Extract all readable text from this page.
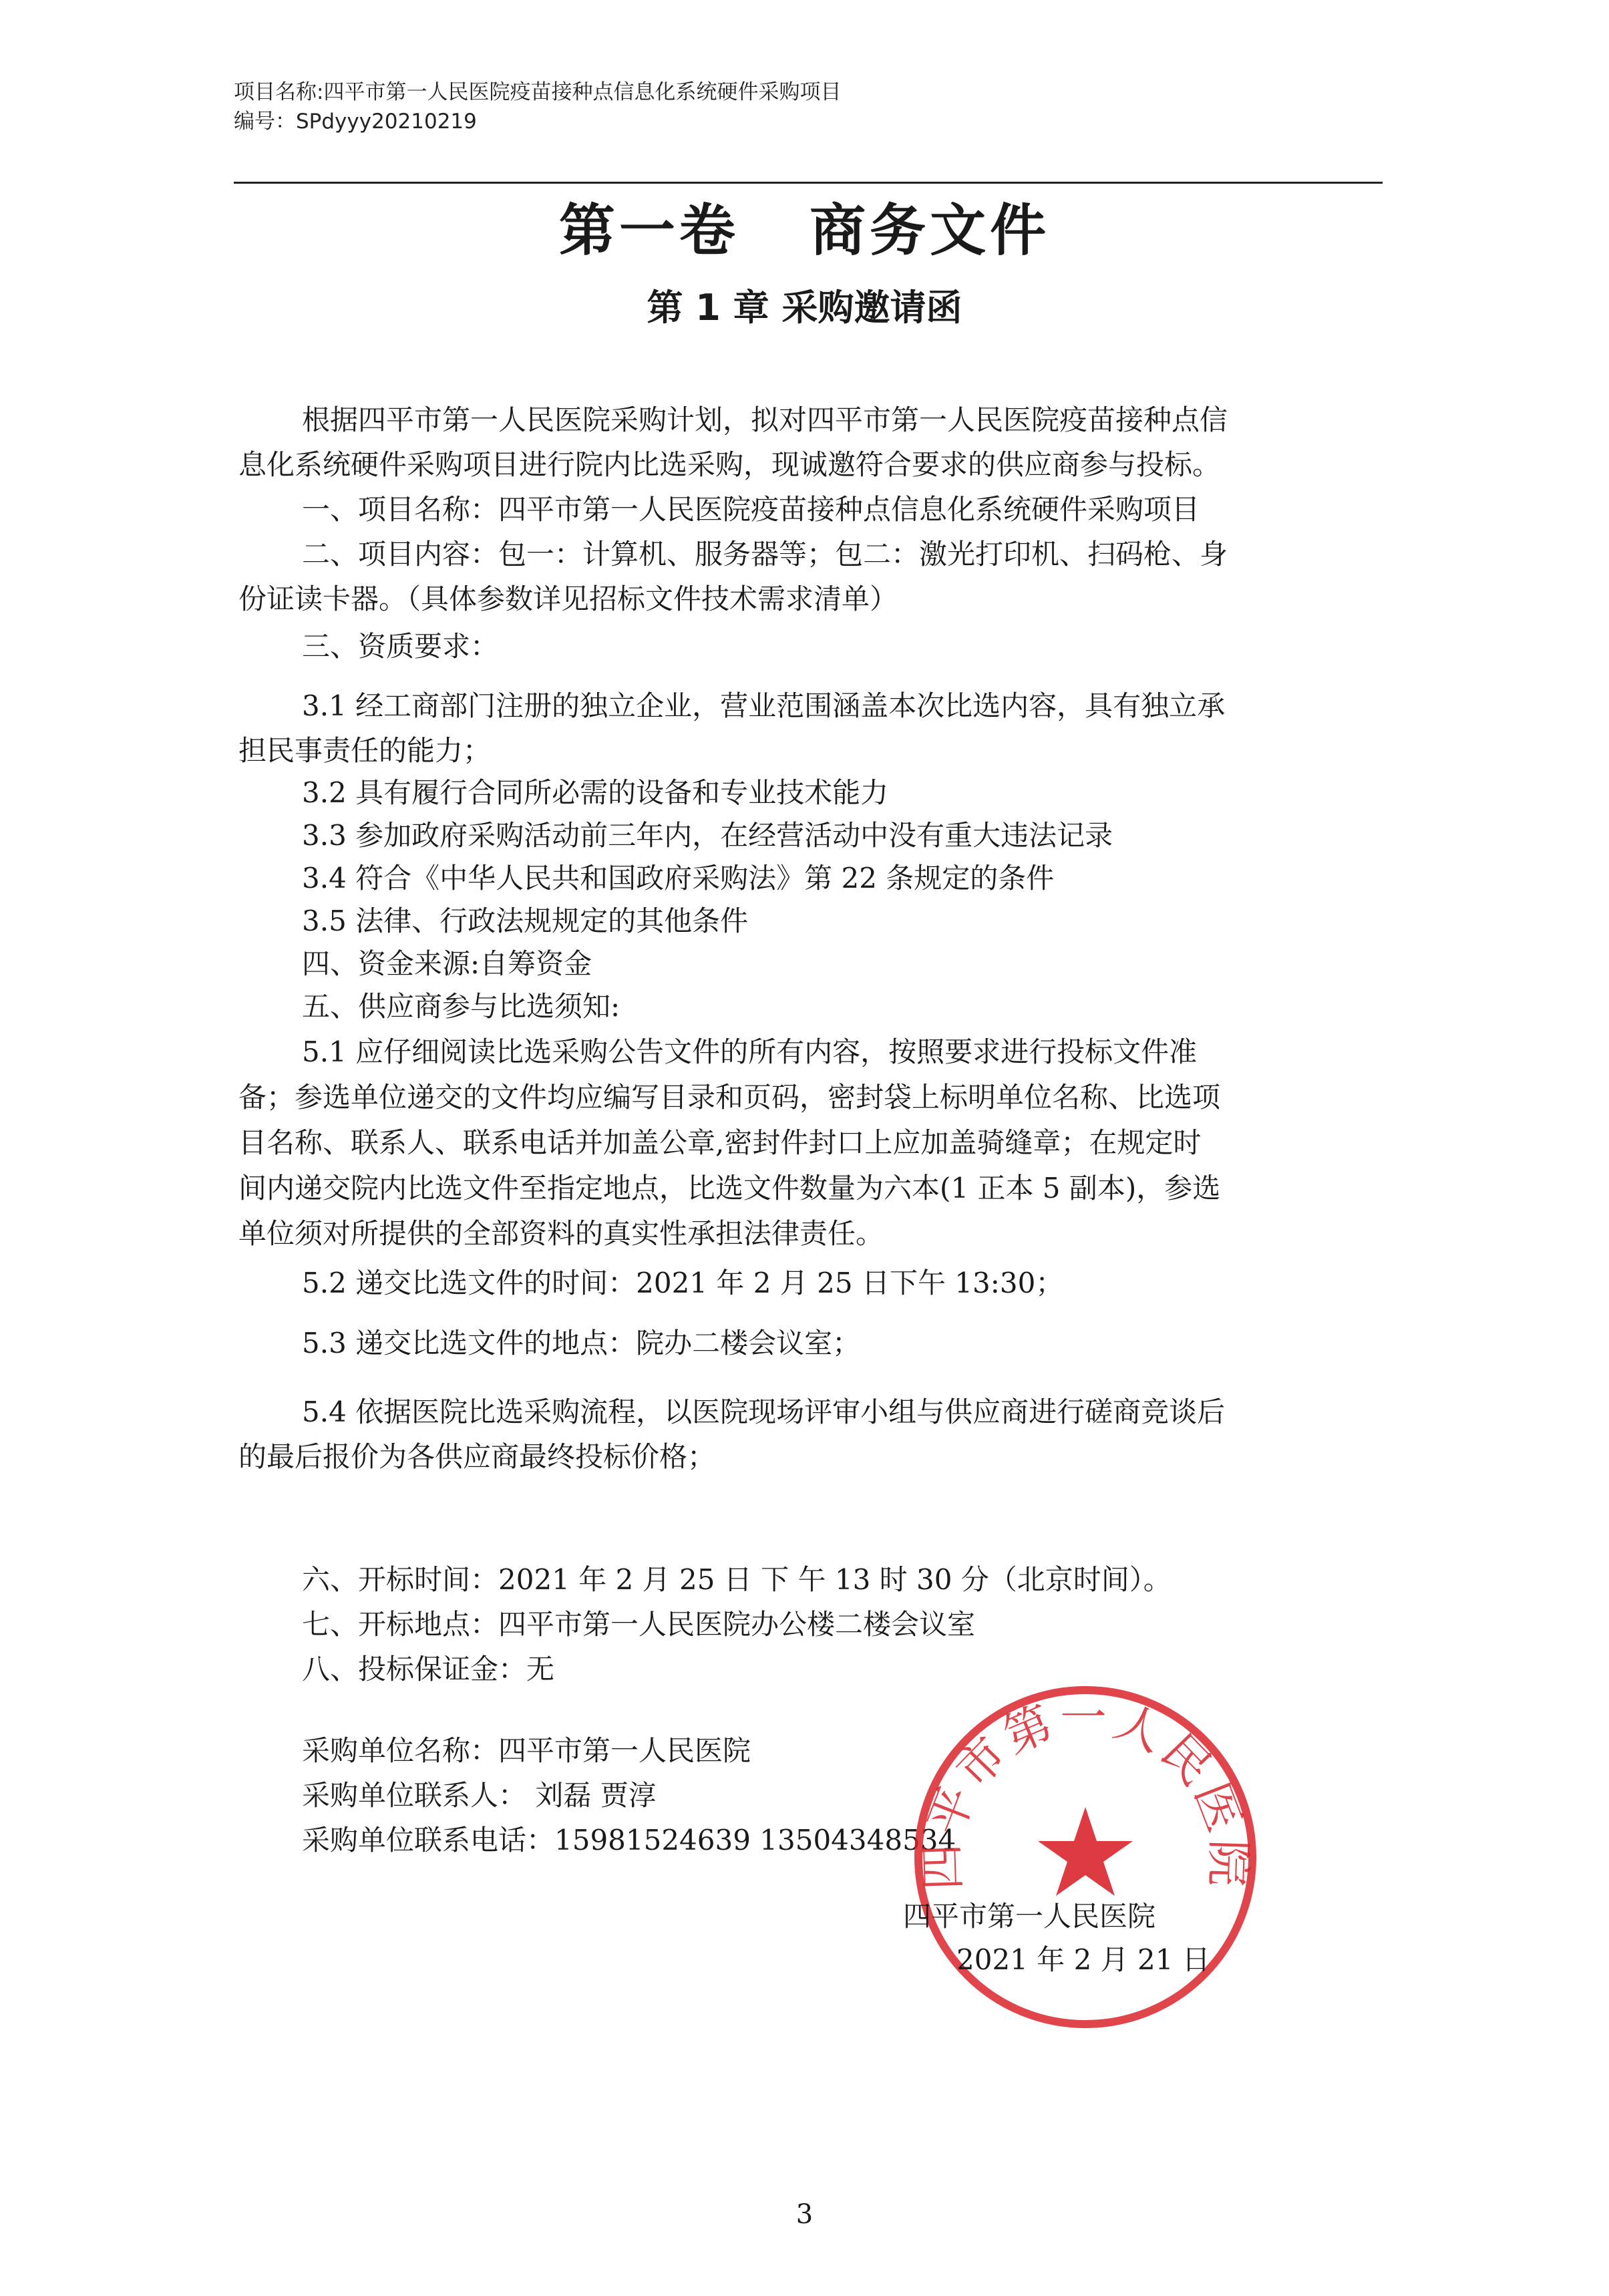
项目名称:四平市第一人民医院疫苗接种点信息化系统硬件采购项目
编号：SPdyyy20210219
第一卷 商务文件
第 1 章 采购邀请函
根据四平市第一人民医院采购计划，拟对四平市第一人民医院疫苗接种点信
息化系统硬件采购项目进行院内比选采购，现诚邀符合要求的供应商参与投标。
一、项目名称：四平市第一人民医院疫苗接种点信息化系统硬件采购项目
二、项目内容：包一：计算机、服务器等；包二：激光打印机、扫码枪、身
份证读卡器。（具体参数详见招标文件技术需求清单）
三、资质要求：
3.1 经工商部门注册的独立企业，营业范围涵盖本次比选内容，具有独立承
担民事责任的能力；
3.2 具有履行合同所必需的设备和专业技术能力
3.3 参加政府采购活动前三年内，在经营活动中没有重大违法记录
3.4 符合《中华人民共和国政府采购法》第 22 条规定的条件
3.5 法律、行政法规规定的其他条件
四、资金来源:自筹资金
五、供应商参与比选须知:
5.1 应仔细阅读比选采购公告文件的所有内容，按照要求进行投标文件准
备；参选单位递交的文件均应编写目录和页码，密封袋上标明单位名称、比选项
目名称、联系人、联系电话并加盖公章,密封件封口上应加盖骑缝章；在规定时
间内递交院内比选文件至指定地点，比选文件数量为六本(1 正本 5 副本)，参选
单位须对所提供的全部资料的真实性承担法律责任。
5.2 递交比选文件的时间：2021 年 2 月 25 日下午 13:30；
5.3 递交比选文件的地点：院办二楼会议室；
5.4 依据医院比选采购流程，以医院现场评审小组与供应商进行磋商竞谈后
的最后报价为各供应商最终投标价格；
六、开标时间：2021 年 2 月 25 日 下 午 13 时 30 分（北京时间）。
七、开标地点：四平市第一人民医院办公楼二楼会议室
八、投标保证金：无
采购单位名称：四平市第一人民医院
采购单位联系人： 刘磊 贾淳
采购单位联系电话：15981524639 13504348534
四平市第一人民医院
四平市第一人民医院
2021 年 2 月 21 日
3
